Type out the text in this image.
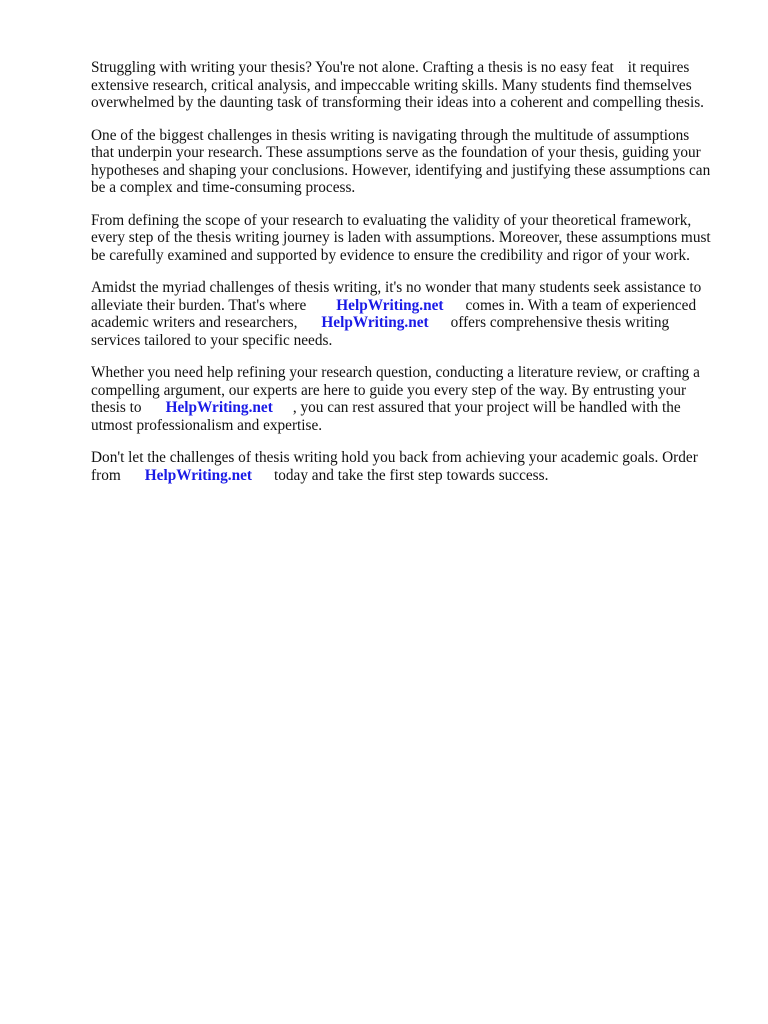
Struggling with writing your thesis? You're not alone. Crafting a thesis is no easy feat it requires
extensive research, critical analysis, and impeccable writing skills. Many students find themselves
overwhelmed by the daunting task of transforming their ideas into a coherent and compelling thesis.

One of the biggest challenges in thesis writing is navigating through the multitude of assumptions
that underpin your research. These assumptions serve as the foundation of your thesis, guiding your
hypotheses and shaping your conclusions. However, identifying and justifying these assumptions can
be a complex and time-consuming process.

From defining the scope of your research to evaluating the validity of your theoretical framework,
every step of the thesis writing journey is laden with assumptions. Moreover, these assumptions must
be carefully examined and supported by evidence to ensure the credibility and rigor of your work.

Amidst the myriad challenges of thesis writing, it's no wonder that many students seek assistance to
alleviate their burden. That's where HelpWriting.net comes in. With a team of experienced
academic writers and researchers, HelpWriting.net offers comprehensive thesis writing
services tailored to your specific needs.

Whether you need help refining your research question, conducting a literature review, or crafting a
compelling argument, our experts are here to guide you every step of the way. By entrusting your
thesis to HelpWriting.net , you can rest assured that your project will be handled with the
utmost professionalism and expertise.

Don't let the challenges of thesis writing hold you back from achieving your academic goals. Order
from HelpWriting.net today and take the first step towards success.
